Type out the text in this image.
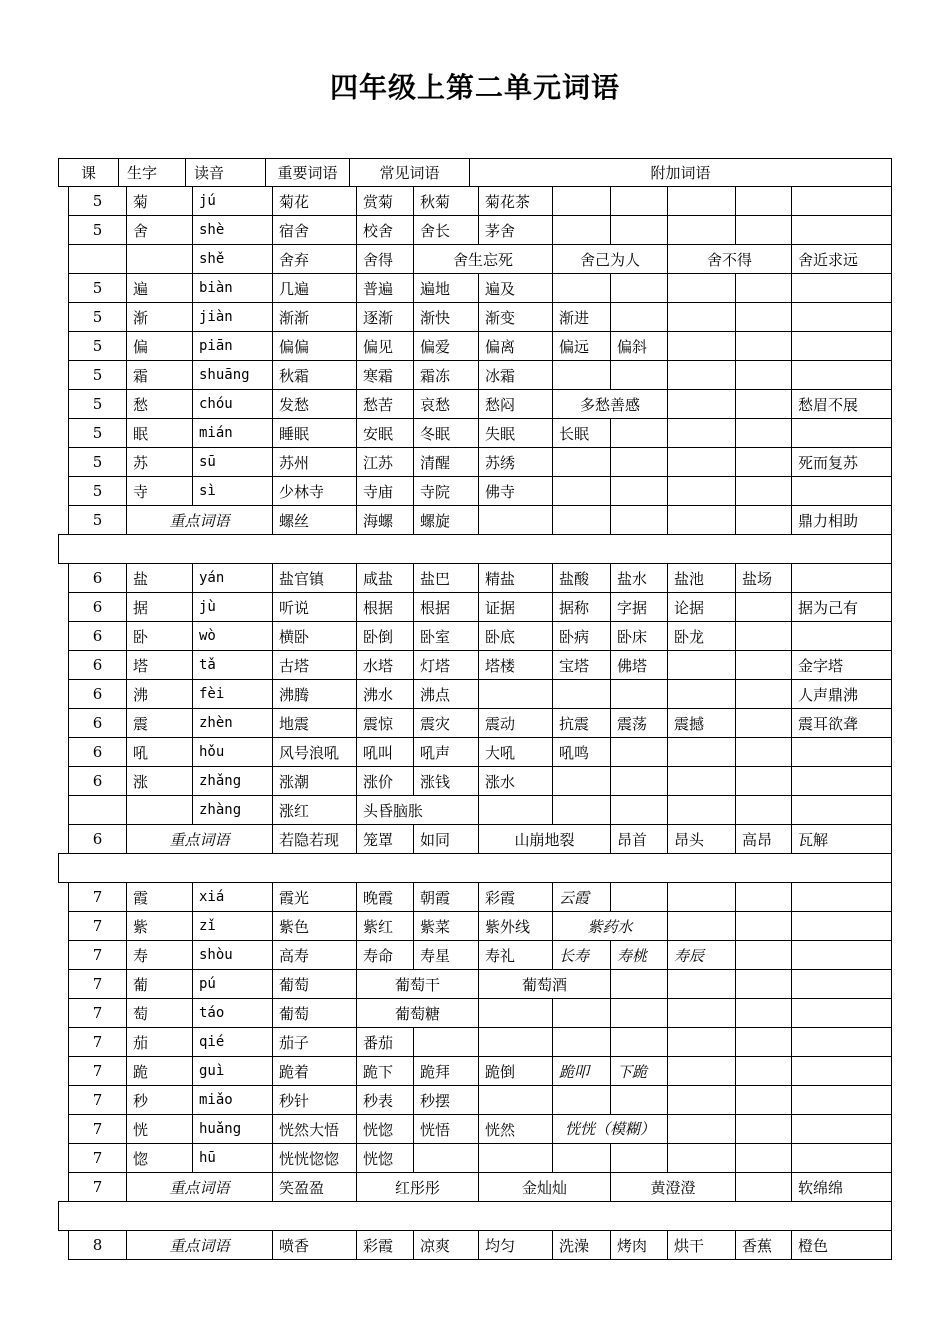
四年级上第二单元词语
课	生字	读音	重要词语	常见词语	附加词语
5	菊	jú	菊花	赏菊	秋菊	菊花茶					
5	舍	shè	宿舍	校舍	舍长	茅舍					
		shě	舍弃	舍得	舍生忘死		舍己为人		舍不得		舍近求远
5	遍	biàn	几遍	普遍	遍地	遍及					
5	渐	jiàn	渐渐	逐渐	渐快	渐变	渐进				
5	偏	piān	偏偏	偏见	偏爱	偏离	偏远	偏斜			
5	霜	shuāng	秋霜	寒霜	霜冻	冰霜					
5	愁	chóu	发愁	愁苦	哀愁	愁闷	多愁善感				愁眉不展
5	眠	mián	睡眠	安眠	冬眠	失眠	长眠				
5	苏	sū	苏州	江苏	清醒	苏绣					死而复苏
5	寺	sì	少林寺	寺庙	寺院	佛寺					
5	重点词语		螺丝	海螺	螺旋						鼎力相助

6	盐	yán	盐官镇	咸盐	盐巴	精盐	盐酸	盐水	盐池	盐场	
6	据	jù	听说	根据	根据	证据	据称	字据	论据		据为己有
6	卧	wò	横卧	卧倒	卧室	卧底	卧病	卧床	卧龙		
6	塔	tǎ	古塔	水塔	灯塔	塔楼	宝塔	佛塔			金字塔
6	沸	fèi	沸腾	沸水	沸点						人声鼎沸
6	震	zhèn	地震	震惊	震灾	震动	抗震	震荡	震撼		震耳欲聋
6	吼	hǒu	风号浪吼	吼叫	吼声	大吼	吼鸣				
6	涨	zhǎng	涨潮	涨价	涨钱	涨水					
		zhàng	涨红	头昏脑胀							
6	重点词语		若隐若现	笼罩	如同	山崩地裂		昂首	昂头	高昂	瓦解

7	霞	xiá	霞光	晚霞	朝霞	彩霞	云霞				
7	紫	zǐ	紫色	紫红	紫菜	紫外线	紫药水				
7	寿	shòu	高寿	寿命	寿星	寿礼	长寿	寿桃	寿辰		
7	葡	pú	葡萄	葡萄干		葡萄酒					
7	萄	táo	葡萄	葡萄糖							
7	茄	qié	茄子	番茄							
7	跪	guì	跪着	跪下	跪拜	跪倒	跪叩	下跪			
7	秒	miǎo	秒针	秒表	秒摆						
7	恍	huǎng	恍然大悟	恍惚	恍悟	恍然	恍恍（模糊）				
7	惚	hū	恍恍惚惚	恍惚							
7	重点词语		笑盈盈	红彤彤		金灿灿		黄澄澄			软绵绵

8	重点词语		喷香	彩霞	凉爽	均匀	洗澡	烤肉	烘干	香蕉	橙色
